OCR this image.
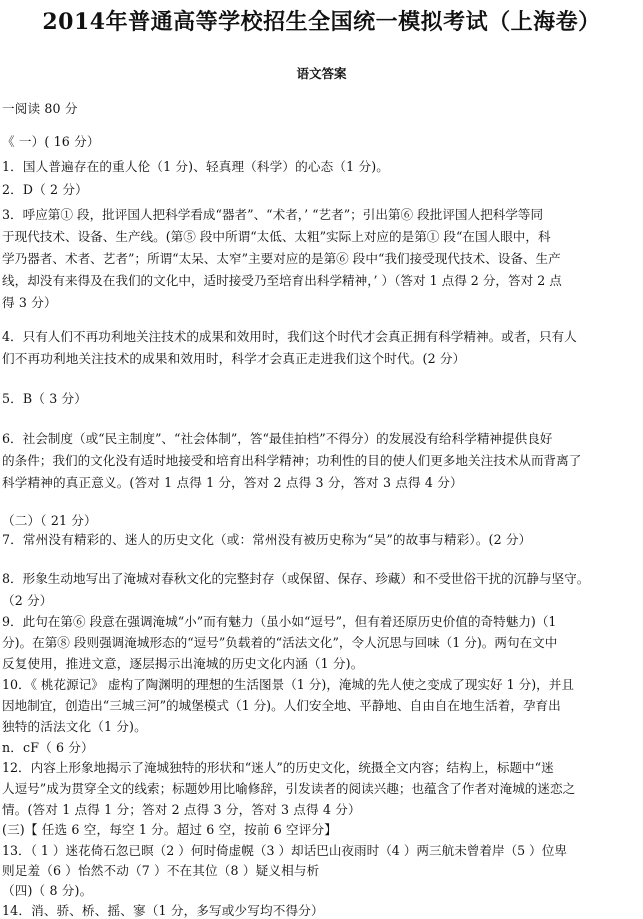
2014年普通高等学校招生全国统一模拟考试（上海卷）
语文答案
一阅读 80 分
《 一）( 16 分）
1．国人普遍存在的重人伦（1 分)、轻真理（科学）的心态（1 分)。
2．D（ 2 分）
3．呼应第① 段，批评国人把科学看成“器者”、“术者，’ “艺者”；引出第⑥ 段批评国人把科学等同
于现代技术、设备、生产线。(第⑤ 段中所谓“太低、太粗”实际上对应的是第① 段“在国人眼中，科
学乃器者、术者、艺者”；所谓“太呆、太窄”主要对应的是第⑥ 段中“我们接受现代技术、设备、生产
线，却没有来得及在我们的文化中，适时接受乃至培育出科学精神，’ ）（答对 1 点得 2 分，答对 2 点
得 3 分）
4．只有人们不再功利地关注技术的成果和效用时，我们这个时代才会真正拥有科学精神。或者，只有人
们不再功利地关注技术的成果和效用时，科学才会真正走进我们这个时代。(2 分）
5．B（ 3 分）
6．社会制度（或“民主制度”、“社会体制”，答“最佳拍档”不得分）的发展没有给科学精神提供良好
的条件；我们的文化没有适时地接受和培育出科学精神；功利性的目的使人们更多地关注技术从而背离了
科学精神的真正意义。(答对 1 点得 1 分，答对 2 点得 3 分，答对 3 点得 4 分）
（二）（ 21 分）
7．常州没有精彩的、迷人的历史文化（或：常州没有被历史称为“吴”的故事与精彩）。(2 分）
8．形象生动地写出了淹城对春秋文化的完整封存（或保留、保存、珍藏）和不受世俗干扰的沉静与坚守。
（2 分）
9．此句在第⑥ 段意在强调淹城“小”而有魅力（虽小如“逗号”，但有着还原历史价值的奇特魅力)（1
分)。在第⑧ 段则强调淹城形态的“逗号”负载着的“活法文化”，令人沉思与回味（1 分)。两句在文中
反复使用，推进文意，逐层揭示出淹城的历史文化内涵（1 分)。
10．《 桃花源记》 虚构了陶渊明的理想的生活图景（1 分)，淹城的先人使之变成了现实好 1 分)，并且
因地制宜，创造出“三城三河”的城堡模式（1 分)。人们安全地、平静地、自由自在地生活着，孕育出
独特的活法文化（1 分)。
n．cF（ 6 分）
12．内容上形象地揭示了淹城独特的形状和“迷人”的历史文化，统摄全文内容；结构上，标题中“迷
人逗号”成为贯穿全文的线索；标题妙用比喻修辞，引发读者的阅读兴趣；也蕴含了作者对淹城的迷恋之
情。(答对 1 点得 1 分；答对 2 点得 3 分，答对 3 点得 4 分）
(三)【 任选 6 空，每空 1 分。超过 6 空，按前 6 空评分】
13．（ 1 ）迷花倚石忽已暝（2 ）何时倚虚幌（3 ）却话巴山夜雨时（4 ）两三航未曾着岸（5 ）位卑
则足羞（6 ）怡然不动（7 ）不在其位（8 ）疑义相与析
（四)（ 8 分)。
14．消、骄、桥、摇、寥（1 分，多写或少写均不得分）
